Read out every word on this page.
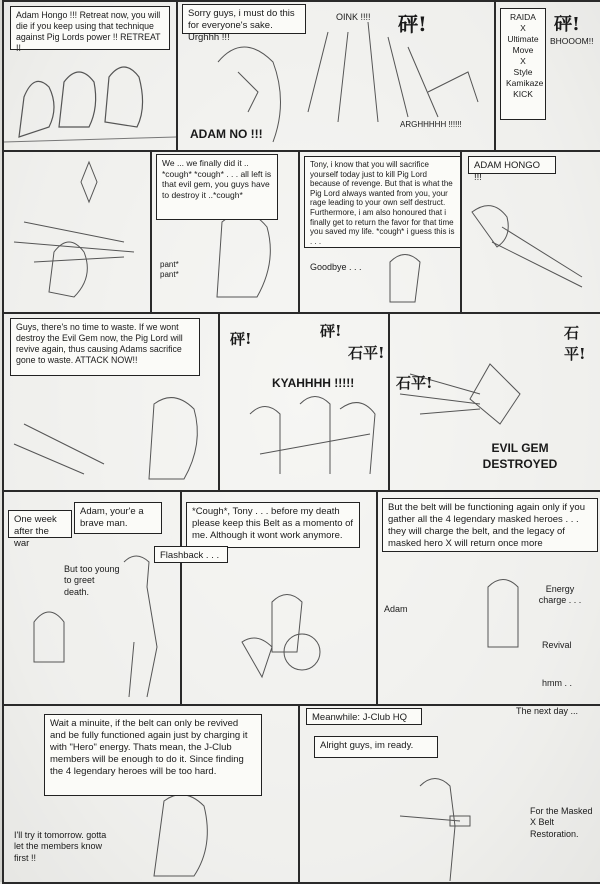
Adam Hongo !!! Retreat now, you will die if you keep using that technique against Pig Lords power !! RETREAT !!
Sorry guys, i must do this for everyone's sake. Urghhh !!!
ADAM NO !!!
OINK !!!! 砰!
ARGHHHHH !!!!!!
RAIDA
X
Ultimate
Move
X
Style
Kamikaze
KICK
砰!
BHOOOM!!
We ... we finally did it .. *cough* *cough* . . . all left is that evil gem, you guys have to destroy it ..*cough*
pant*
pant*
Tony, i know that you will sacrifice yourself today just to kill Pig Lord because of revenge. But that is what the Pig Lord always wanted from you, your rage leading to your own self destruct. Furthermore, i am also honoured that i finally get to return the favor for that time you saved my life. *cough* i guess this is . . .
Goodbye . . .
ADAM HONGO !!!
Guys, there's no time to waste. If we wont destroy the Evil Gem now, the Pig Lord will revive again, thus causing Adams sacrifice gone to waste. ATTACK NOW!!
砰!	砰!
石平!
KYAHHHH !!!!!
石平!
石平!
EVIL GEM
DESTROYED
One week after the war
Adam, your'e a brave man.
But too young to greet death.
*Cough*, Tony . . . before my death please keep this Belt as a momento of me. Although it wont work anymore.
Flashback . . .
But the belt will be functioning again only if you gather all the 4 legendary masked heroes . . . they will charge the belt, and the legacy of masked hero X will return once more
Adam
Energy charge . . .
Revival
hmm . .
Wait a minuite, if the belt can only be revived and be fully functioned again just by charging it with "Hero" energy. Thats mean, the J-Club members will be enough to do it. Since finding the 4 legendary heroes will be too hard.
I'll try it tomorrow. gotta let the members know first !!
Meanwhile: J-Club HQ
The next day ...
Alright guys, im ready.
For the Masked X Belt Restoration.
